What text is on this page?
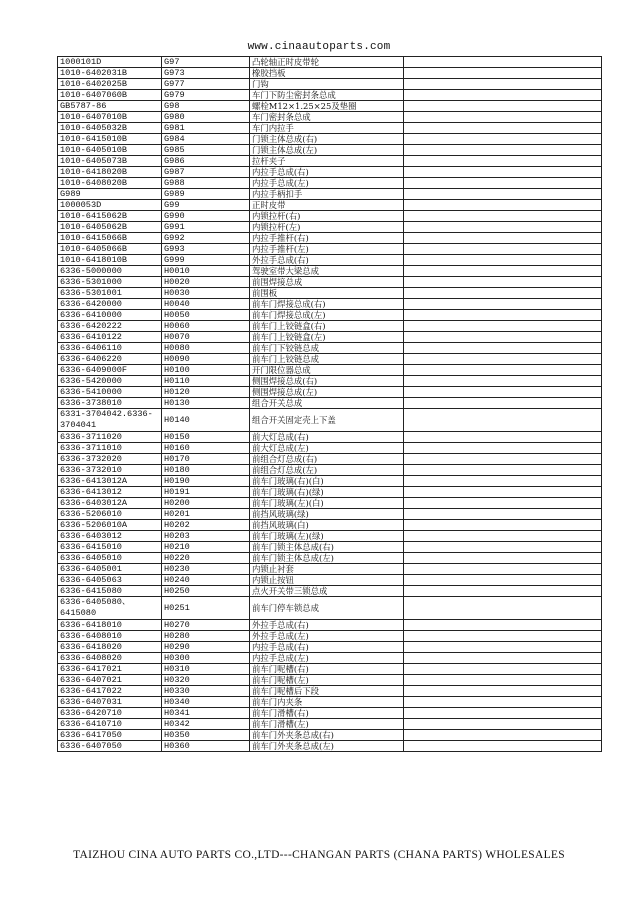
www.cinaautoparts.com
1000101D	G97	凸轮轴正时皮带轮	
1010-6402031B	G973	橡胶挡板	
1010-6402025B	G977	门钩	
1010-6407060B	G979	车门下防尘密封条总成	
GB5787-86	G98	螺栓M12×1.25×25及垫圈	
1010-6407010B	G980	车门密封条总成	
1010-6405032B	G981	车门内拉手	
1010-6415010B	G984	门锁主体总成(右)	
1010-6405010B	G985	门锁主体总成(左)	
1010-6405073B	G986	拉杆夹子	
1010-6418020B	G987	内拉手总成(右)	
1010-6408020B	G988	内拉手总成(左)	
G989	G989	内拉手柄扣手	
1000053D	G99	正时皮带	
1010-6415062B	G990	内锁拉杆(右)	
1010-6405062B	G991	内锁拉杆(左)	
1010-6415066B	G992	内拉手推杆(右)	
1010-6405066B	G993	内拉手推杆(左)	
1010-6418010B	G999	外拉手总成(右)	
6336-5000000	H0010	驾驶室带大梁总成	
6336-5301000	H0020	前围焊接总成	
6336-5301001	H0030	前围板	
6336-6420000	H0040	前车门焊接总成(右)	
6336-6410000	H0050	前车门焊接总成(左)	
6336-6420222	H0060	前车门上铰链盒(右)	
6336-6410122	H0070	前车门上铰链盒(左)	
6336-6406110	H0080	前车门下铰链总成	
6336-6406220	H0090	前车门上铰链总成	
6336-6409000F	H0100	开门限位器总成	
6336-5420000	H0110	侧围焊接总成(右)	
6336-5410000	H0120	侧围焊接总成(左)	
6336-3738010	H0130	组合开关总成	
6331-3704042.6336-3704041	H0140	组合开关固定壳上下盖	
6336-3711020	H0150	前大灯总成(右)	
6336-3711010	H0160	前大灯总成(左)	
6336-3732020	H0170	前组合灯总成(右)	
6336-3732010	H0180	前组合灯总成(左)	
6336-6413012A	H0190	前车门玻璃(右)(白)	
6336-6413012	H0191	前车门玻璃(右)(绿)	
6336-6403012A	H0200	前车门玻璃(左)(白)	
6336-5206010	H0201	前挡风玻璃(绿)	
6336-5206010A	H0202	前挡风玻璃(白)	
6336-6403012	H0203	前车门玻璃(左)(绿)	
6336-6415010	H0210	前车门锁主体总成(右)	
6336-6405010	H0220	前车门锁主体总成(左)	
6336-6405001	H0230	内锁止衬套	
6336-6405063	H0240	内锁止按钮	
6336-6415080	H0250	点火开关带三锁总成	
6336-6405080、6415080	H0251	前车门停车锁总成	
6336-6418010	H0270	外拉手总成(右)	
6336-6408010	H0280	外拉手总成(左)	
6336-6418020	H0290	内拉手总成(右)	
6336-6408020	H0300	内拉手总成(左)	
6336-6417021	H0310	前车门呢槽(右)	
6336-6407021	H0320	前车门呢槽(左)	
6336-6417022	H0330	前车门呢槽后下段	
6336-6407031	H0340	前车门内夹条	
6336-6420710	H0341	前车门滑槽(右)	
6336-6410710	H0342	前车门滑槽(左)	
6336-6417050	H0350	前车门外夹条总成(右)	
6336-6407050	H0360	前车门外夹条总成(左)	
TAIZHOU CINA AUTO PARTS CO.,LTD---CHANGAN PARTS (CHANA PARTS) WHOLESALES
